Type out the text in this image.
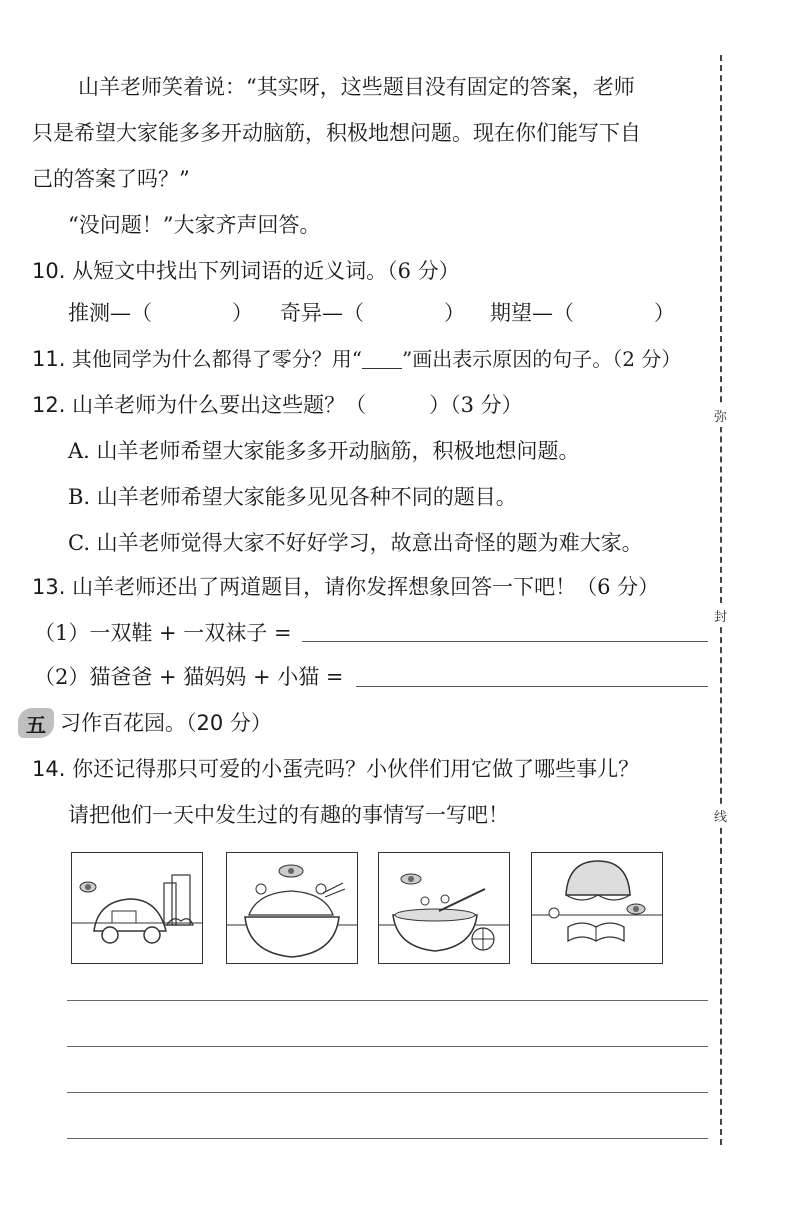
山羊老师笑着说：“其实呀，这些题目没有固定的答案，老师
只是希望大家能多多开动脑筋，积极地想问题。现在你们能写下自
己的答案了吗？”
“没问题！”大家齐声回答。
10. 从短文中找出下列词语的近义词。（6 分）
推测—（	） 奇异—（	） 期望—（	）
11. 其他同学为什么都得了零分？用“ ”画出表示原因的句子。（2 分）
12. 山羊老师为什么要出这些题？（　　　）（3 分）
A. 山羊老师希望大家能多多开动脑筋，积极地想问题。
B. 山羊老师希望大家能多见见各种不同的题目。
C. 山羊老师觉得大家不好好学习，故意出奇怪的题为难大家。
13. 山羊老师还出了两道题目，请你发挥想象回答一下吧！（6 分）
（1）一双鞋 + 一双袜子 =
（2）猫爸爸 + 猫妈妈 + 小猫 =
五 习作百花园。（20 分）
14. 你还记得那只可爱的小蛋壳吗？小伙伴们用它做了哪些事儿？
请把他们一天中发生过的有趣的事情写一写吧！
弥
封
线
